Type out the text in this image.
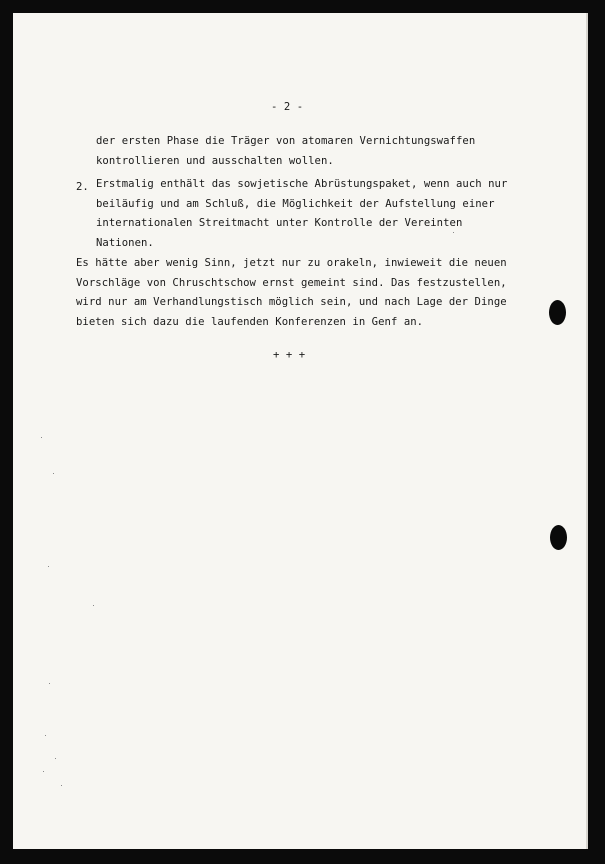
- 2 -
der ersten Phase die Träger von atomaren Vernichtungswaffen
kontrollieren und ausschalten wollen.
2. Erstmalig enthält das sowjetische Abrüstungspaket, wenn auch nur
beiläufig und am Schluß, die Möglichkeit der Aufstellung einer
internationalen Streitmacht unter Kontrolle der Vereinten
Nationen.
Es hätte aber wenig Sinn, jetzt nur zu orakeln, inwieweit die neuen
Vorschläge von Chruschtschow ernst gemeint sind. Das festzustellen,
wird nur am Verhandlungstisch möglich sein, und nach Lage der Dinge
bieten sich dazu die laufenden Konferenzen in Genf an.
+ + +
